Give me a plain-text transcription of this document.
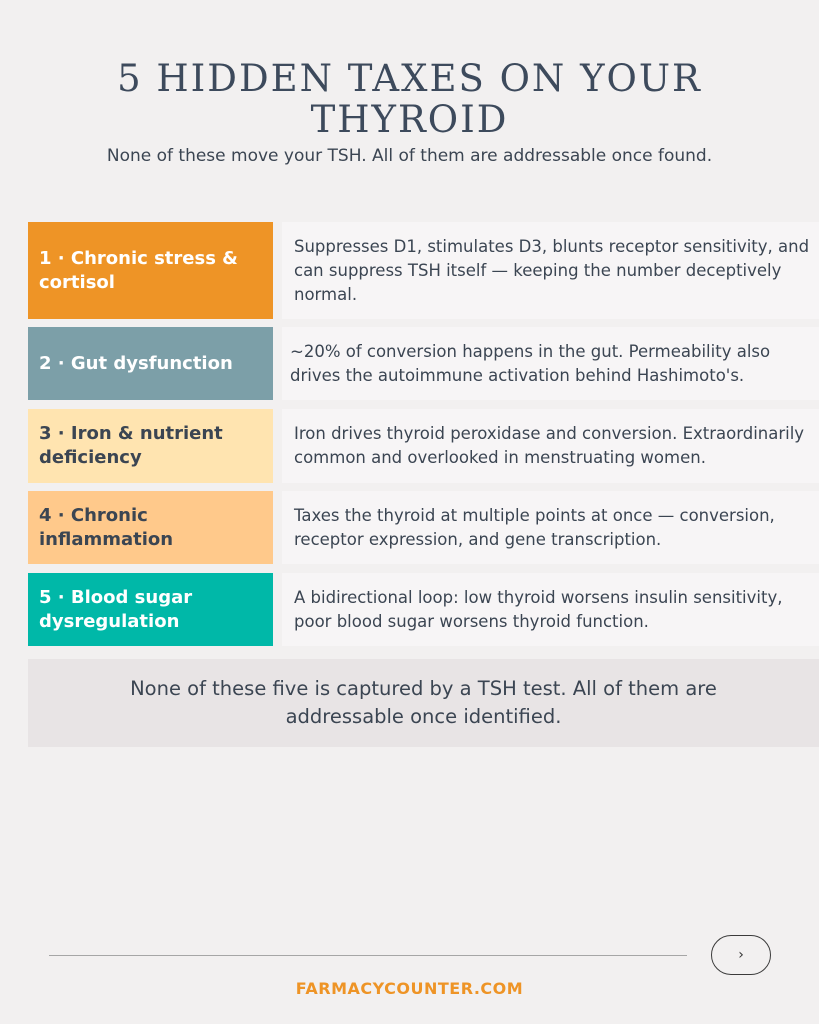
5 HIDDEN TAXES ON YOUR
THYROID
None of these move your TSH. All of them are addressable once found.
1 · Chronic stress & cortisol
Suppresses D1, stimulates D3, blunts receptor sensitivity, and can suppress TSH itself — keeping the number deceptively normal.
2 · Gut dysfunction
~20% of conversion happens in the gut. Permeability also drives the autoimmune activation behind Hashimoto's.
3 · Iron & nutrient deficiency
Iron drives thyroid peroxidase and conversion. Extraordinarily common and overlooked in menstruating women.
4 · Chronic inflammation
Taxes the thyroid at multiple points at once — conversion, receptor expression, and gene transcription.
5 · Blood sugar dysregulation
A bidirectional loop: low thyroid worsens insulin sensitivity, poor blood sugar worsens thyroid function.
None of these five is captured by a TSH test. All of them are addressable once identified.
›
FARMACYCOUNTER.COM
